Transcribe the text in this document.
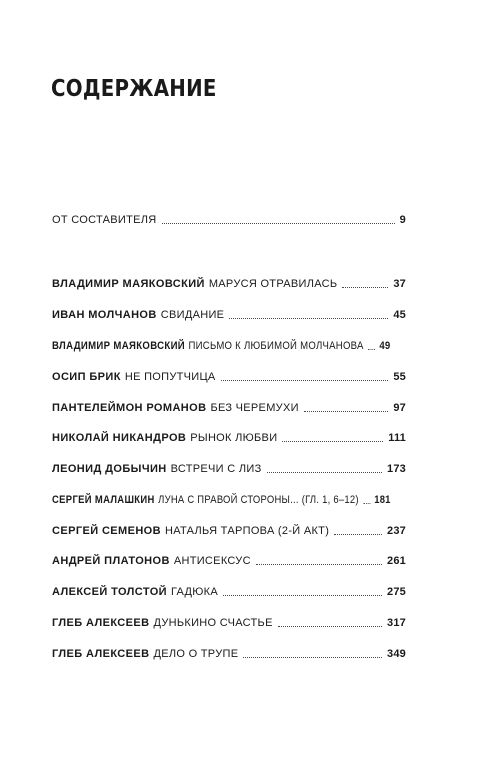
СОДЕРЖАНИЕ
ОТ СОСТАВИТЕЛЯ	9
ВЛАДИМИР МАЯКОВСКИЙ МАРУСЯ ОТРАВИЛАСЬ	37
ИВАН МОЛЧАНОВ СВИДАНИЕ	45
ВЛАДИМИР МАЯКОВСКИЙ ПИСЬМО К ЛЮБИМОЙ МОЛЧАНОВА 49
ОСИП БРИК НЕ ПОПУТЧИЦА	55
ПАНТЕЛЕЙМОН РОМАНОВ БЕЗ ЧЕРЕМУХИ	97
НИКОЛАЙ НИКАНДРОВ РЫНОК ЛЮБВИ	111
ЛЕОНИД ДОБЫЧИН ВСТРЕЧИ С ЛИЗ	173
СЕРГЕЙ МАЛАШКИН ЛУНА С ПРАВОЙ СТОРОНЫ... (ГЛ. 1, 6–12) 181
СЕРГЕЙ СЕМЕНОВ НАТАЛЬЯ ТАРПОВА (2-Й АКТ)	237
АНДРЕЙ ПЛАТОНОВ АНТИСЕКСУС	261
АЛЕКСЕЙ ТОЛСТОЙ ГАДЮКА	275
ГЛЕБ АЛЕКСЕЕВ ДУНЬКИНО СЧАСТЬЕ	317
ГЛЕБ АЛЕКСЕЕВ ДЕЛО О ТРУПЕ	349
